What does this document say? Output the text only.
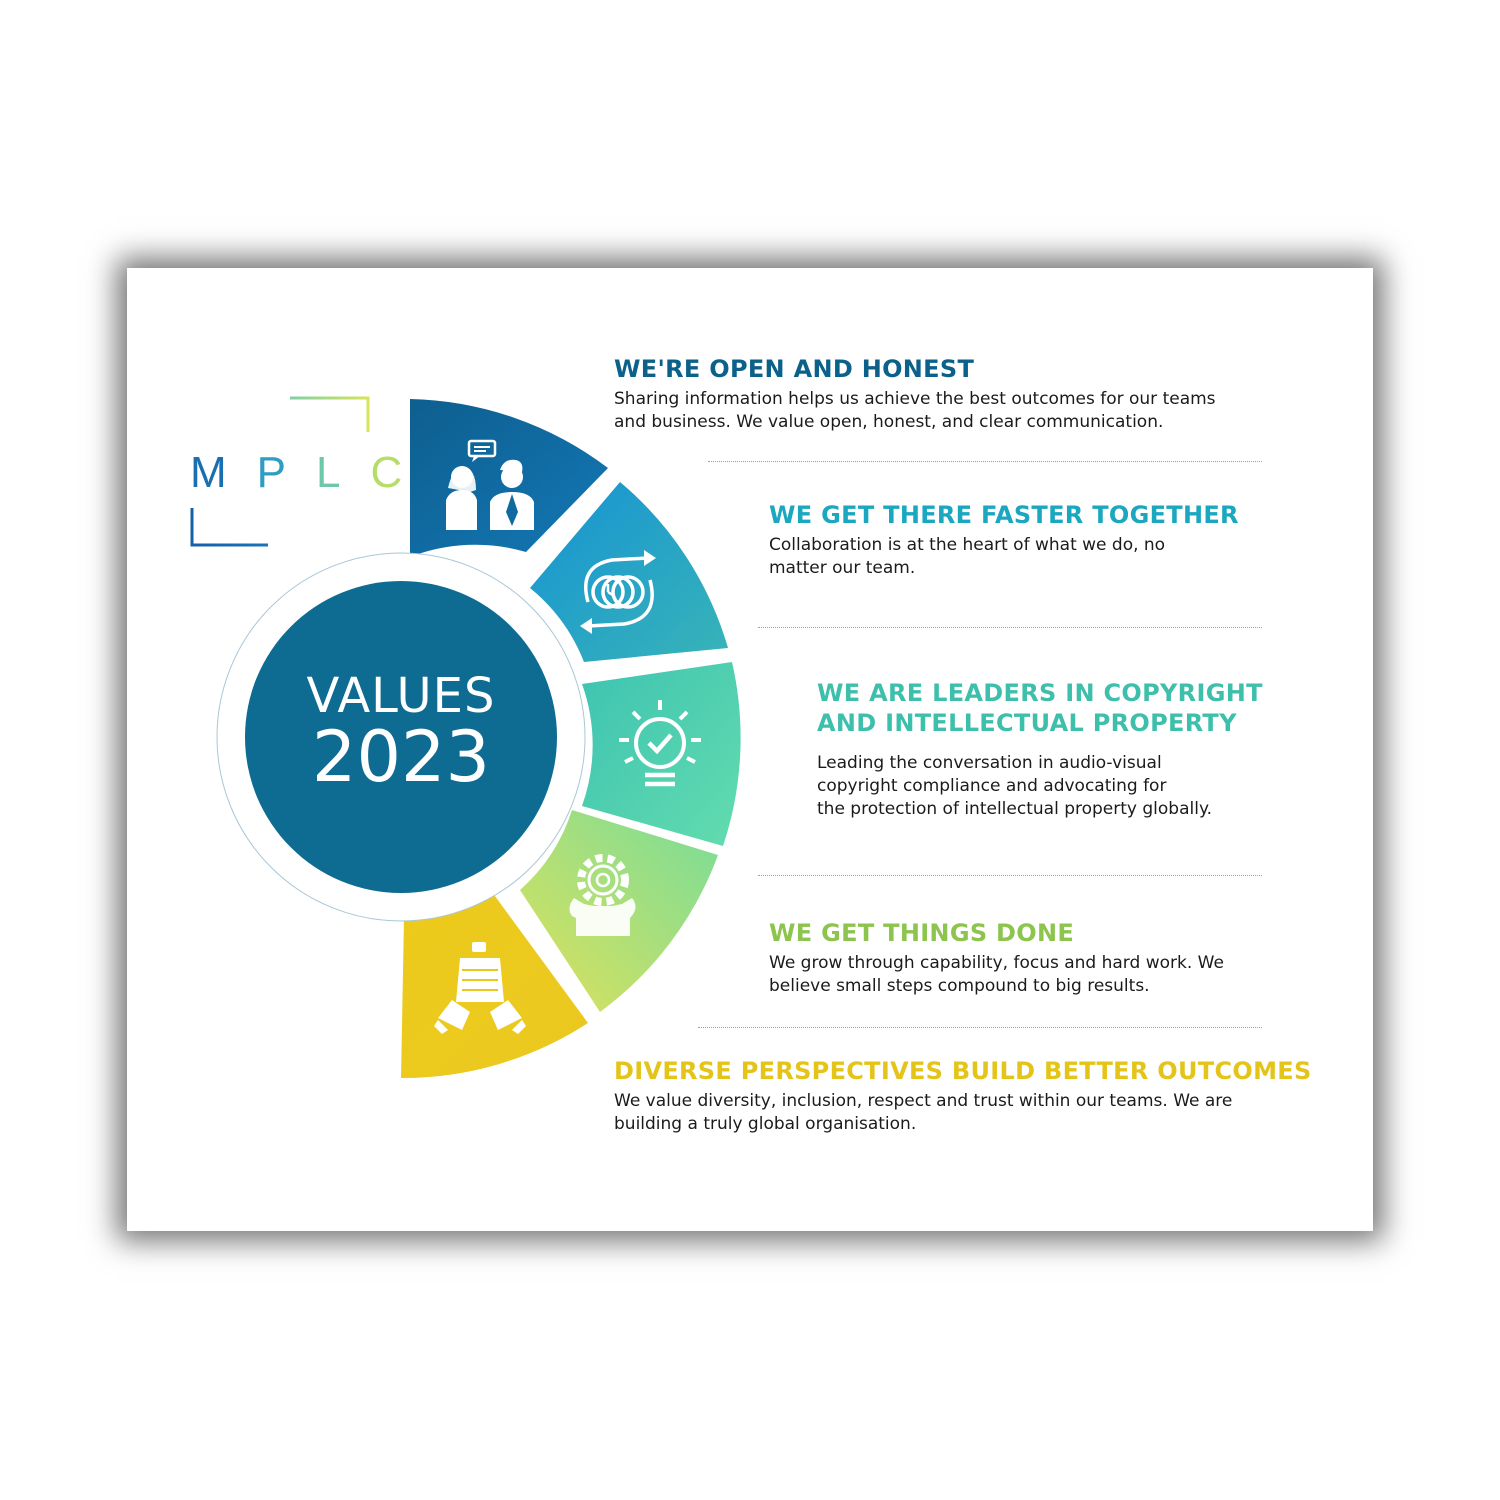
MPLC
VALUES
2023
WE'RE OPEN AND HONEST

Sharing information helps us achieve the best outcomes for our teams
and business. We value open, honest, and clear communication.

WE GET THERE FASTER TOGETHER

Collaboration is at the heart of what we do, no
matter our team.

WE ARE LEADERS IN COPYRIGHT
AND INTELLECTUAL PROPERTY

Leading the conversation in audio-visual
copyright compliance and advocating for
the protection of intellectual property globally.

WE GET THINGS DONE

We grow through capability, focus and hard work. We
believe small steps compound to big results.

DIVERSE PERSPECTIVES BUILD BETTER OUTCOMES

We value diversity, inclusion, respect and trust within our teams. We are
building a truly global organisation.
